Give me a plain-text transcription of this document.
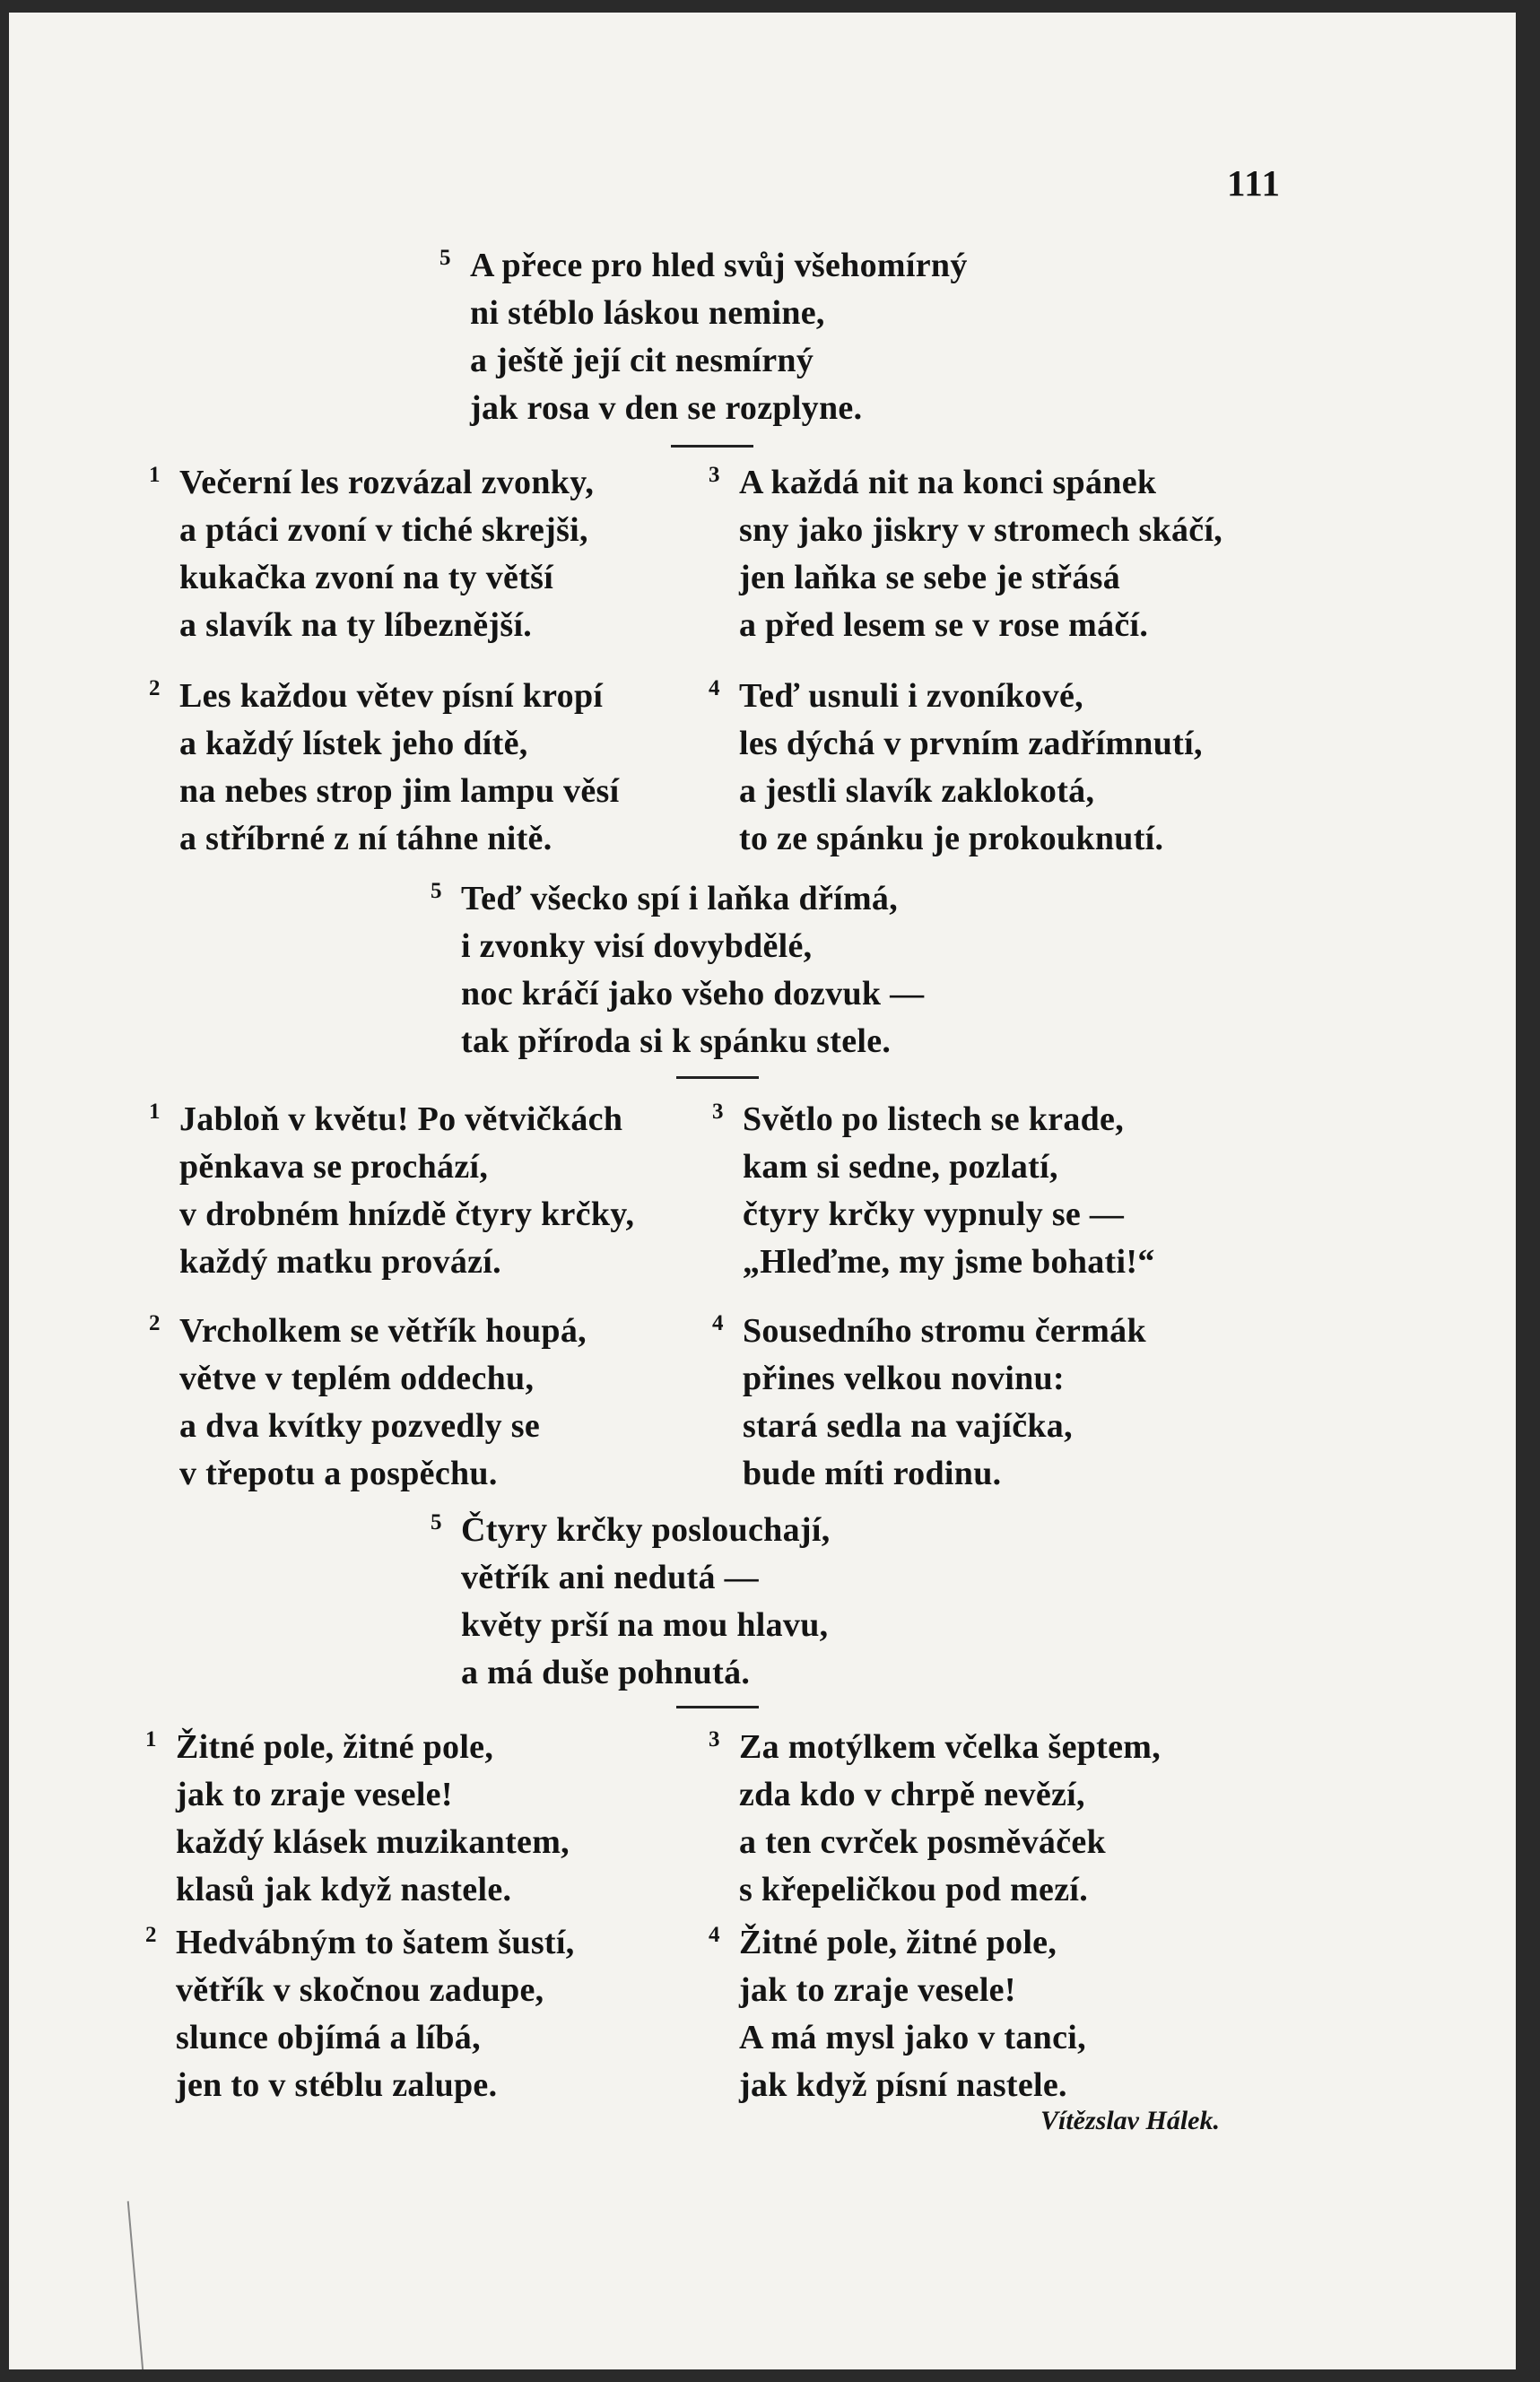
111
5 A přece pro hled svůj všehomírný
ni stéblo láskou nemine,
a ještě její cit nesmírný
jak rosa v den se rozplyne.
1 Večerní les rozvázal zvonky,
a ptáci zvoní v tiché skrejši,
kukačka zvoní na ty větší
a slavík na ty líbeznější.
3 A každá nit na konci spánek
sny jako jiskry v stromech skáčí,
jen laňka se sebe je střásá
a před lesem se v rose máčí.
2 Les každou větev písní kropí
a každý lístek jeho dítě,
na nebes strop jim lampu věsí
a stříbrné z ní táhne nitě.
4 Teď usnuli i zvoníkové,
les dýchá v prvním zadřímnutí,
a jestli slavík zaklokotá,
to ze spánku je prokouknutí.
5 Teď všecko spí i laňka dřímá,
i zvonky visí dovybdělé,
noc kráčí jako všeho dozvuk —
tak příroda si k spánku stele.
1 Jabloň v květu! Po větvičkách
pěnkava se prochází,
v drobném hnízdě čtyry krčky,
každý matku provází.
3 Světlo po listech se krade,
kam si sedne, pozlatí,
čtyry krčky vypnuly se —
„Hleďme, my jsme bohati!“
2 Vrcholkem se větřík houpá,
větve v teplém oddechu,
a dva kvítky pozvedly se
v třepotu a pospěchu.
4 Sousedního stromu čermák
přines velkou novinu:
stará sedla na vajíčka,
bude míti rodinu.
5 Čtyry krčky poslouchají,
větřík ani nedutá —
květy prší na mou hlavu,
a má duše pohnutá.
1 Žitné pole, žitné pole,
jak to zraje vesele!
každý klásek muzikantem,
klasů jak když nastele.
3 Za motýlkem včelka šeptem,
zda kdo v chrpě nevězí,
a ten cvrček posměváček
s křepeličkou pod mezí.
2 Hedvábným to šatem šustí,
větřík v skočnou zadupe,
slunce objímá a líbá,
jen to v stéblu zalupe.
4 Žitné pole, žitné pole,
jak to zraje vesele!
A má mysl jako v tanci,
jak když písní nastele.
Vítězslav Hálek.
